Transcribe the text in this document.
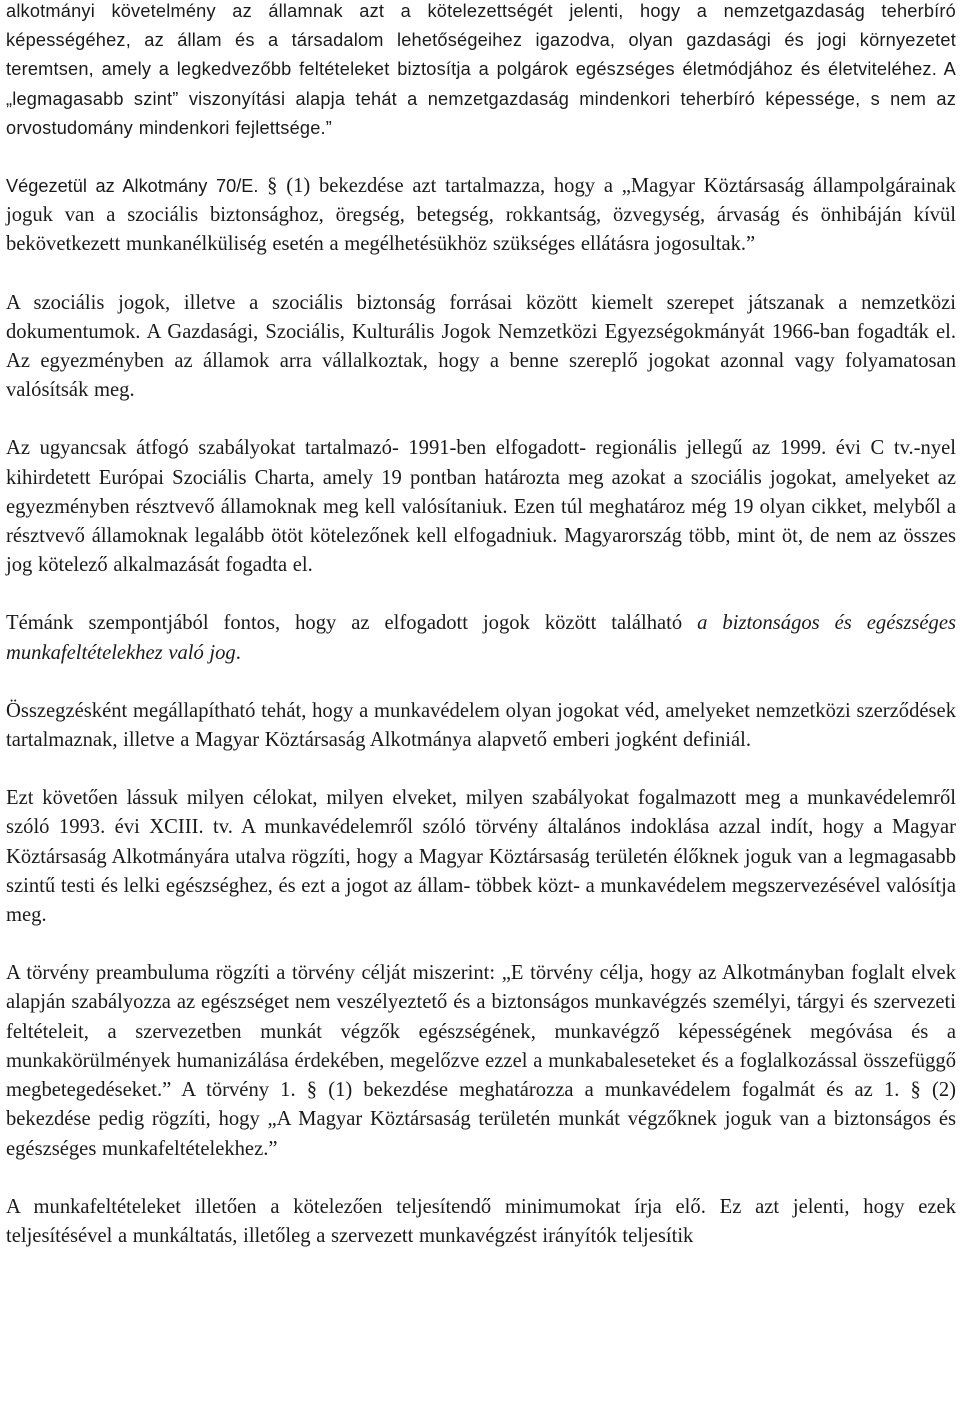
alkotmányi követelmény az államnak azt a kötelezettségét jelenti, hogy a nemzetgazdaság teherbíró képességéhez, az állam és a társadalom lehetőségeihez igazodva, olyan gazdasági és jogi környezetet teremtsen, amely a legkedvezőbb feltételeket biztosítja a polgárok egészséges életmódjához és életviteléhez. A „legmagasabb szint” viszonyítási alapja tehát a nemzetgazdaság mindenkori teherbíró képessége, s nem az orvostudomány mindenkori fejlettsége.”

Végezetül az Alkotmány 70/E. § (1) bekezdése azt tartalmazza, hogy a „Magyar Köztársaság állampolgárainak joguk van a szociális biztonsághoz, öregség, betegség, rokkantság, özvegység, árvaság és önhibáján kívül bekövetkezett munkanélküliség esetén a megélhetésükhöz szükséges ellátásra jogosultak.”

A szociális jogok, illetve a szociális biztonság forrásai között kiemelt szerepet játszanak a nemzetközi dokumentumok. A Gazdasági, Szociális, Kulturális Jogok Nemzetközi Egyezségokmányát 1966-ban fogadták el. Az egyezményben az államok arra vállalkoztak, hogy a benne szereplő jogokat azonnal vagy folyamatosan valósítsák meg.

Az ugyancsak átfogó szabályokat tartalmazó- 1991-ben elfogadott- regionális jellegű az 1999. évi C tv.-nyel kihirdetett Európai Szociális Charta, amely 19 pontban határozta meg azokat a szociális jogokat, amelyeket az egyezményben résztvevő államoknak meg kell valósítaniuk. Ezen túl meghatároz még 19 olyan cikket, melyből a résztvevő államoknak legalább ötöt kötelezőnek kell elfogadniuk. Magyarország több, mint öt, de nem az összes jog kötelező alkalmazását fogadta el.

Témánk szempontjából fontos, hogy az elfogadott jogok között található a biztonságos és egészséges munkafeltételekhez való jog.

Összegzésként megállapítható tehát, hogy a munkavédelem olyan jogokat véd, amelyeket nemzetközi szerződések tartalmaznak, illetve a Magyar Köztársaság Alkotmánya alapvető emberi jogként definiál.

Ezt követően lássuk milyen célokat, milyen elveket, milyen szabályokat fogalmazott meg a munkavédelemről szóló 1993. évi XCIII. tv. A munkavédelemről szóló törvény általános indoklása azzal indít, hogy a Magyar Köztársaság Alkotmányára utalva rögzíti, hogy a Magyar Köztársaság területén élőknek joguk van a legmagasabb szintű testi és lelki egészséghez, és ezt a jogot az állam- többek közt- a munkavédelem megszervezésével valósítja meg.

A törvény preambuluma rögzíti a törvény célját miszerint: „E törvény célja, hogy az Alkotmányban foglalt elvek alapján szabályozza az egészséget nem veszélyeztető és a biztonságos munkavégzés személyi, tárgyi és szervezeti feltételeit, a szervezetben munkát végzők egészségének, munkavégző képességének megóvása és a munkakörülmények humanizálása érdekében, megelőzve ezzel a munkabaleseteket és a foglalkozással összefüggő megbetegedéseket.” A törvény 1. § (1) bekezdése meghatározza a munkavédelem fogalmát és az 1. § (2) bekezdése pedig rögzíti, hogy „A Magyar Köztársaság területén munkát végzőknek joguk van a biztonságos és egészséges munkafeltételekhez.”

A munkafeltételeket illetően a kötelezően teljesítendő minimumokat írja elő. Ez azt jelenti, hogy ezek teljesítésével a munkáltatás, illetőleg a szervezett munkavégzést irányítók teljesítik
